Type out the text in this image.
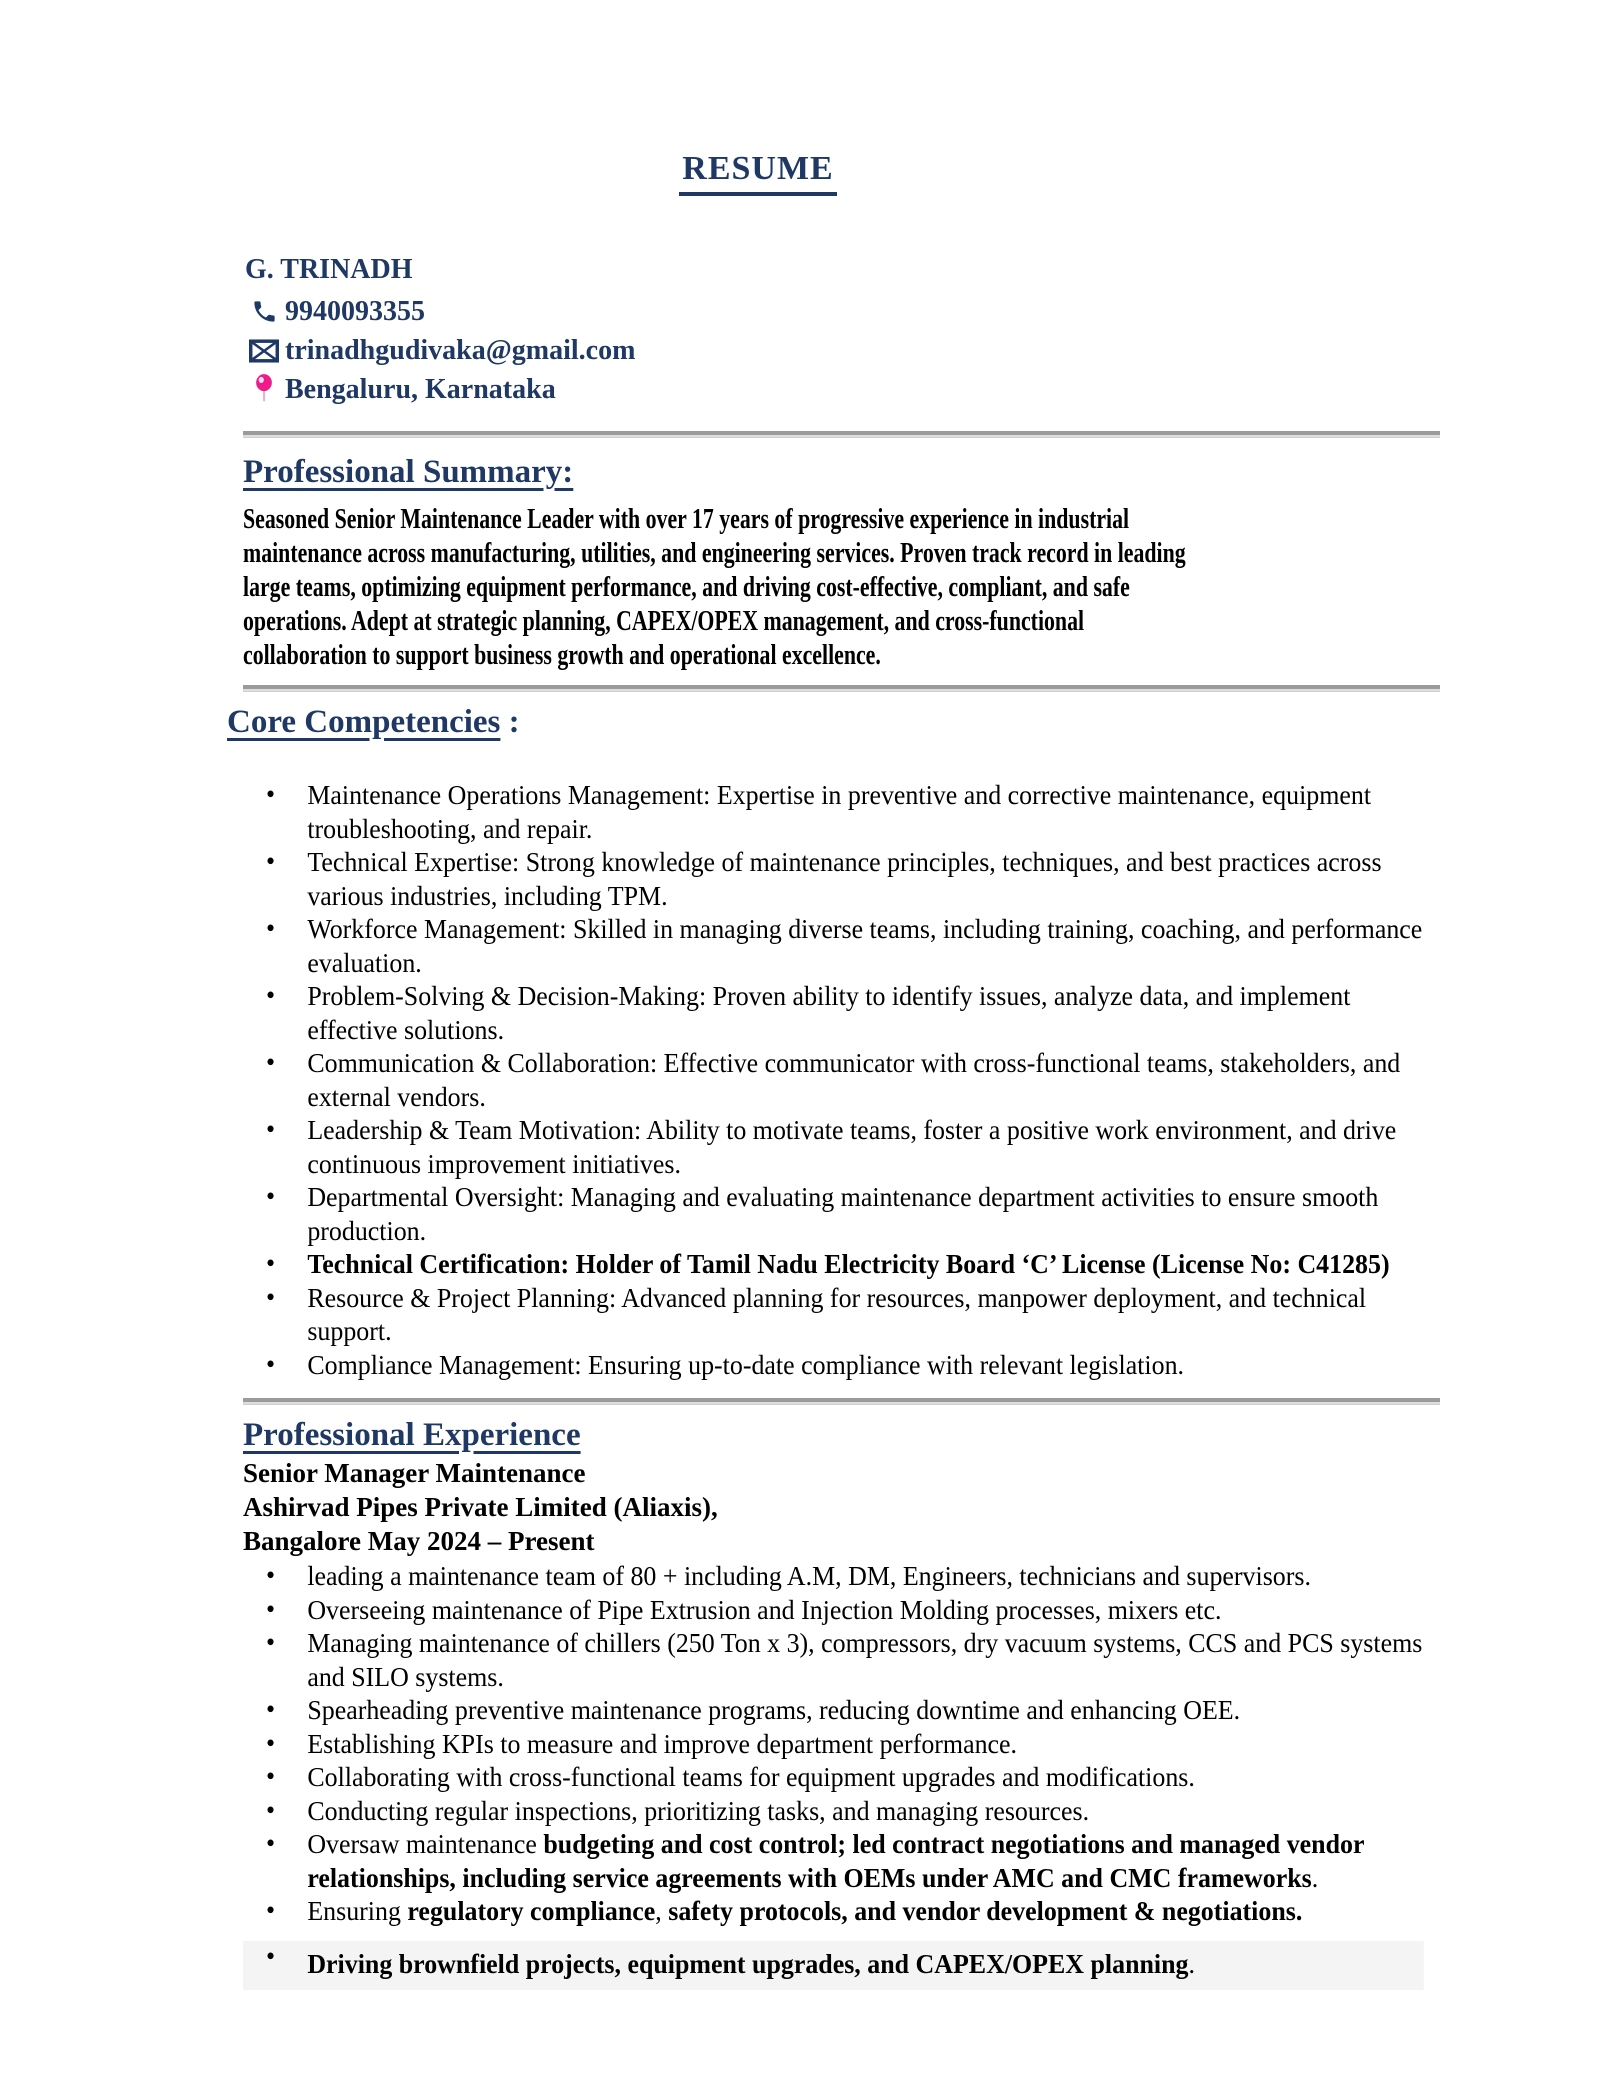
RESUME
G. TRINADH
9940093355
trinadhgudivaka@gmail.com
Bengaluru, Karnataka
Professional Summary:
Seasoned Senior Maintenance Leader with over 17 years of progressive experience in industrial
maintenance across manufacturing, utilities, and engineering services. Proven track record in leading
large teams, optimizing equipment performance, and driving cost-effective, compliant, and safe
operations. Adept at strategic planning, CAPEX/OPEX management, and cross-functional
collaboration to support business growth and operational excellence.
Core Competencies :
• Maintenance Operations Management: Expertise in preventive and corrective maintenance, equipment troubleshooting, and repair.
• Technical Expertise: Strong knowledge of maintenance principles, techniques, and best practices across various industries, including TPM.
• Workforce Management: Skilled in managing diverse teams, including training, coaching, and performance evaluation.
• Problem-Solving & Decision-Making: Proven ability to identify issues, analyze data, and implement effective solutions.
• Communication & Collaboration: Effective communicator with cross-functional teams, stakeholders, and external vendors.
• Leadership & Team Motivation: Ability to motivate teams, foster a positive work environment, and drive continuous improvement initiatives.
• Departmental Oversight: Managing and evaluating maintenance department activities to ensure smooth production.
• Technical Certification: Holder of Tamil Nadu Electricity Board ‘C’ License (License No: C41285)
• Resource & Project Planning: Advanced planning for resources, manpower deployment, and technical support.
• Compliance Management: Ensuring up-to-date compliance with relevant legislation.
Professional Experience
Senior Manager Maintenance
Ashirvad Pipes Private Limited (Aliaxis),
Bangalore May 2024 – Present
• leading a maintenance team of 80 + including A.M, DM, Engineers, technicians and supervisors.
• Overseeing maintenance of Pipe Extrusion and Injection Molding processes, mixers etc.
• Managing maintenance of chillers (250 Ton x 3), compressors, dry vacuum systems, CCS and PCS systems and SILO systems.
• Spearheading preventive maintenance programs, reducing downtime and enhancing OEE.
• Establishing KPIs to measure and improve department performance.
• Collaborating with cross-functional teams for equipment upgrades and modifications.
• Conducting regular inspections, prioritizing tasks, and managing resources.
• Oversaw maintenance budgeting and cost control; led contract negotiations and managed vendor relationships, including service agreements with OEMs under AMC and CMC frameworks.
• Ensuring regulatory compliance, safety protocols, and vendor development & negotiations.
• Driving brownfield projects, equipment upgrades, and CAPEX/OPEX planning.
